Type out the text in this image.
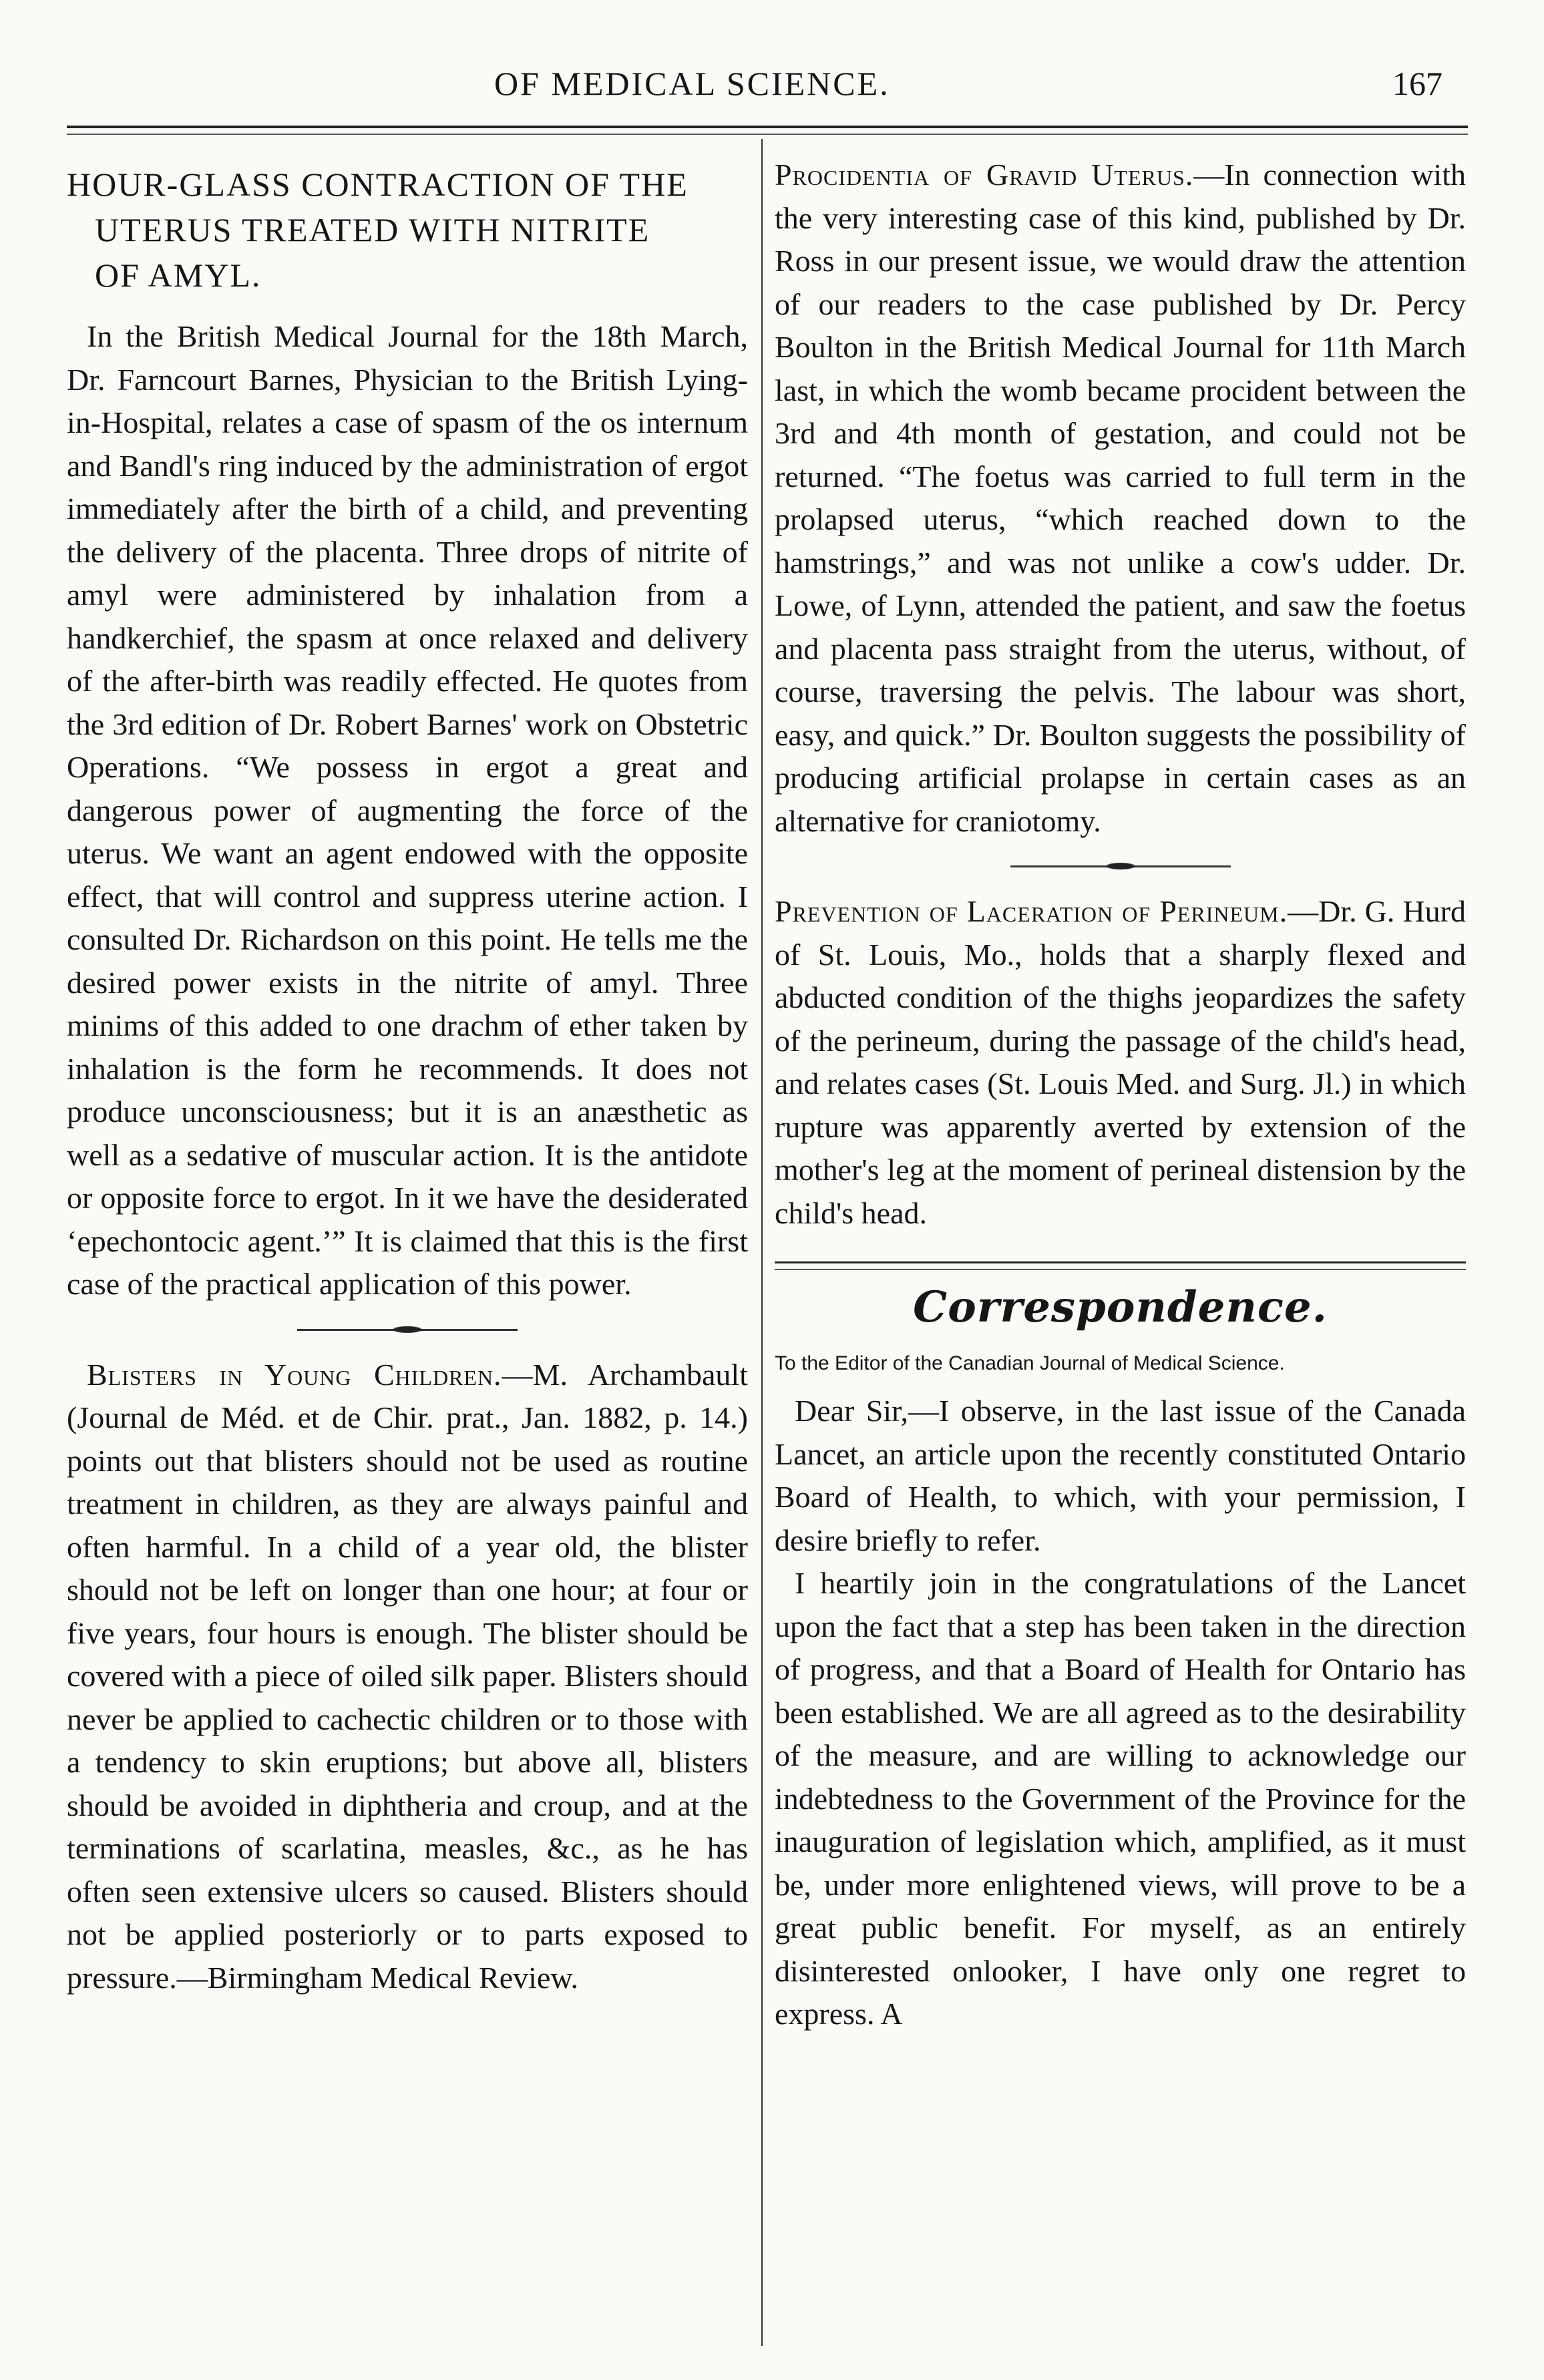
OF MEDICAL SCIENCE.	167
HOUR-GLASS CONTRACTION OF THE
UTERUS TREATED WITH NITRITE
OF AMYL.

In the British Medical Journal for the 18th March, Dr. Farncourt Barnes, Physician to the British Lying-in-Hospital, relates a case of spasm of the os internum and Bandl's ring induced by the administration of ergot immediately after the birth of a child, and preventing the delivery of the placenta. Three drops of nitrite of amyl were administered by inhalation from a handkerchief, the spasm at once relaxed and delivery of the after-birth was readily effected. He quotes from the 3rd edition of Dr. Robert Barnes' work on Obstetric Operations. “We possess in ergot a great and dangerous power of augmenting the force of the uterus. We want an agent endowed with the opposite effect, that will control and suppress uterine action. I consulted Dr. Richardson on this point. He tells me the desired power exists in the nitrite of amyl. Three minims of this added to one drachm of ether taken by inhalation is the form he recommends. It does not produce unconsciousness; but it is an anæsthetic as well as a sedative of muscular action. It is the antidote or opposite force to ergot. In it we have the desiderated ‘epechontocic agent.’” It is claimed that this is the first case of the practical application of this power.

Blisters in Young Children.—M. Archambault (Journal de Méd. et de Chir. prat., Jan. 1882, p. 14.) points out that blisters should not be used as routine treatment in children, as they are always painful and often harmful. In a child of a year old, the blister should not be left on longer than one hour; at four or five years, four hours is enough. The blister should be covered with a piece of oiled silk paper. Blisters should never be applied to cachectic children or to those with a tendency to skin eruptions; but above all, blisters should be avoided in diphtheria and croup, and at the terminations of scarlatina, measles, &c., as he has often seen extensive ulcers so caused. Blisters should not be applied posteriorly or to parts exposed to pressure.—Birmingham Medical Review.

Procidentia of Gravid Uterus.—In connection with the very interesting case of this kind, published by Dr. Ross in our present issue, we would draw the attention of our readers to the case published by Dr. Percy Boulton in the British Medical Journal for 11th March last, in which the womb became procident between the 3rd and 4th month of gestation, and could not be returned. “The foetus was carried to full term in the prolapsed uterus, “which reached down to the hamstrings,” and was not unlike a cow's udder. Dr. Lowe, of Lynn, attended the patient, and saw the foetus and placenta pass straight from the uterus, without, of course, traversing the pelvis. The labour was short, easy, and quick.” Dr. Boulton suggests the possibility of producing artificial prolapse in certain cases as an alternative for craniotomy.

Prevention of Laceration of Perineum.—Dr. G. Hurd of St. Louis, Mo., holds that a sharply flexed and abducted condition of the thighs jeopardizes the safety of the perineum, during the passage of the child's head, and relates cases (St. Louis Med. and Surg. Jl.) in which rupture was apparently averted by extension of the mother's leg at the moment of perineal distension by the child's head.

Correspondence.
To the Editor of the Canadian Journal of Medical Science.

Dear Sir,—I observe, in the last issue of the Canada Lancet, an article upon the recently constituted Ontario Board of Health, to which, with your permission, I desire briefly to refer.

I heartily join in the congratulations of the Lancet upon the fact that a step has been taken in the direction of progress, and that a Board of Health for Ontario has been established. We are all agreed as to the desirability of the measure, and are willing to acknowledge our indebtedness to the Government of the Province for the inauguration of legislation which, amplified, as it must be, under more enlightened views, will prove to be a great public benefit. For myself, as an entirely disinterested onlooker, I have only one regret to express. A
